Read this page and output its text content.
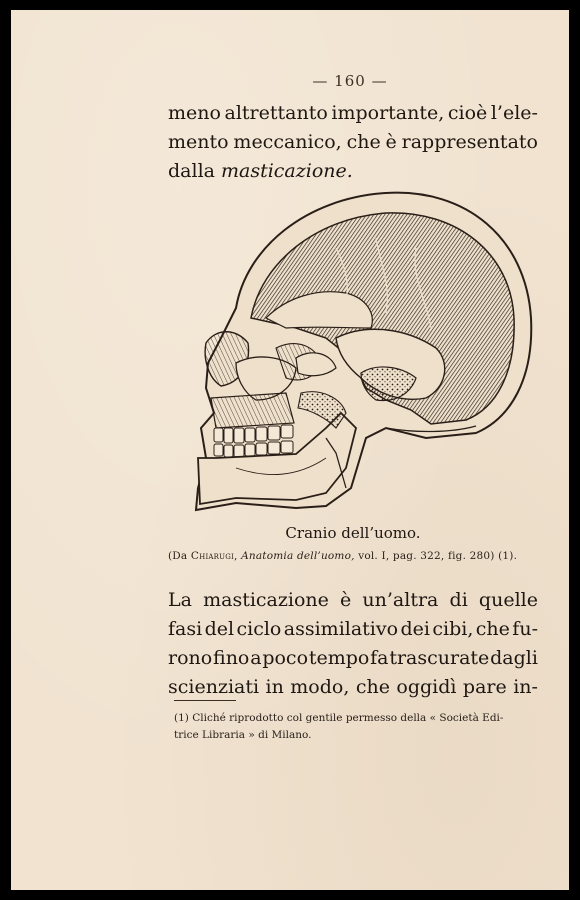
— 160 —
meno altrettanto importante, cioè l’ele-
mento meccanico, che è rappresentato
dalla masticazione.
Cranio dell’uomo.
(Da Chiarugi, Anatomia dell’uomo, vol. I, pag. 322, fig. 280) (1).
La masticazione è un’altra di quelle
fasi del ciclo assimilativo dei cibi, che fu-
rono fino a poco tempo fa trascurate dagli
scienziati in modo, che oggidì pare in-
(1) Cliché riprodotto col gentile permesso della « Società Edi-
trice Libraria » di Milano.
